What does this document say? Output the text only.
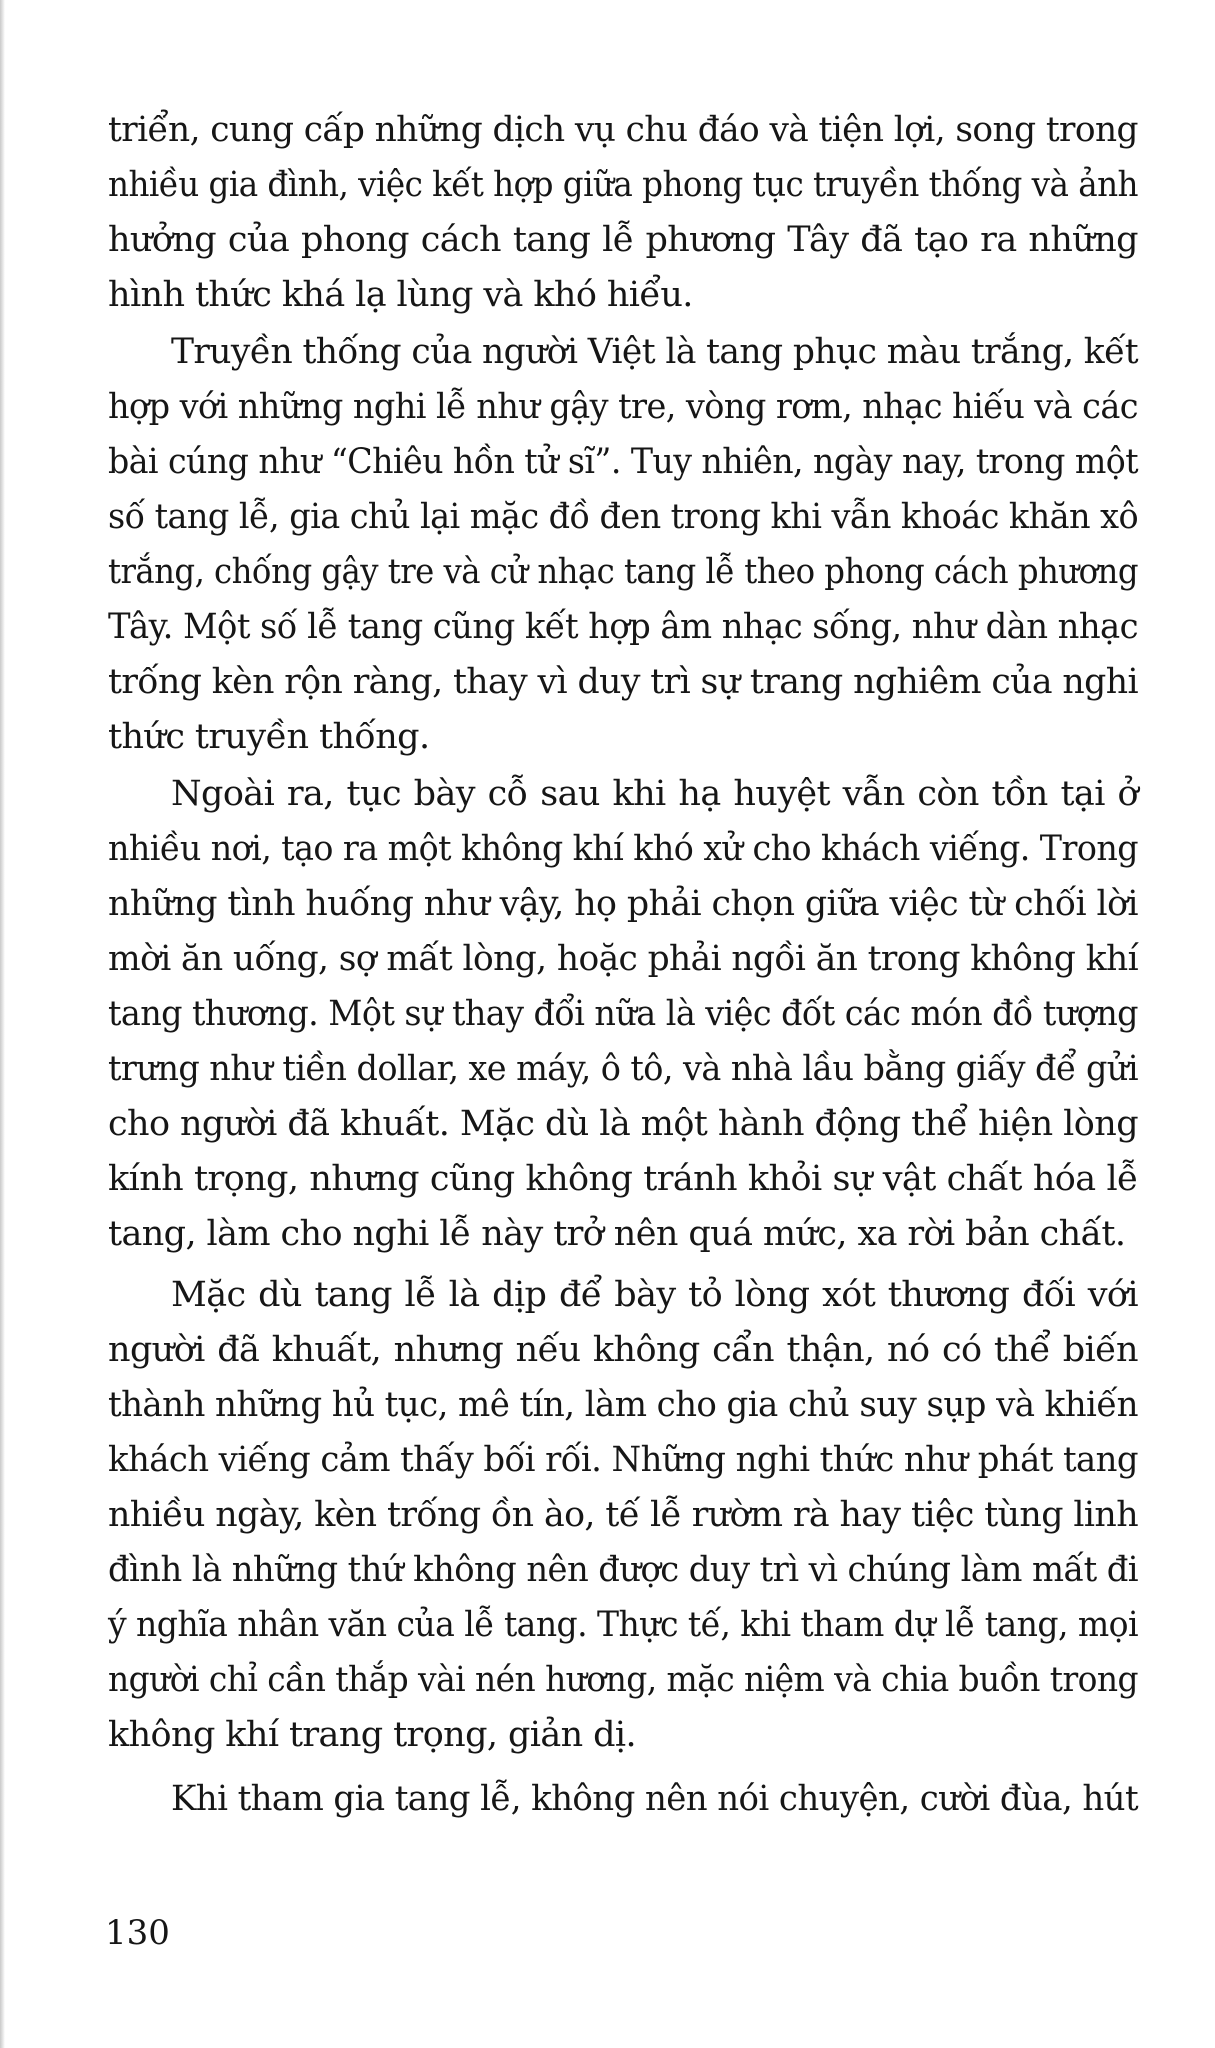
triển, cung cấp những dịch vụ chu đáo và tiện lợi, song trong
nhiều gia đình, việc kết hợp giữa phong tục truyền thống và ảnh
hưởng của phong cách tang lễ phương Tây đã tạo ra những
hình thức khá lạ lùng và khó hiểu.
Truyền thống của người Việt là tang phục màu trắng, kết
hợp với những nghi lễ như gậy tre, vòng rơm, nhạc hiếu và các
bài cúng như “Chiêu hồn tử sĩ”. Tuy nhiên, ngày nay, trong một
số tang lễ, gia chủ lại mặc đồ đen trong khi vẫn khoác khăn xô
trắng, chống gậy tre và cử nhạc tang lễ theo phong cách phương
Tây. Một số lễ tang cũng kết hợp âm nhạc sống, như dàn nhạc
trống kèn rộn ràng, thay vì duy trì sự trang nghiêm của nghi
thức truyền thống.
Ngoài ra, tục bày cỗ sau khi hạ huyệt vẫn còn tồn tại ở
nhiều nơi, tạo ra một không khí khó xử cho khách viếng. Trong
những tình huống như vậy, họ phải chọn giữa việc từ chối lời
mời ăn uống, sợ mất lòng, hoặc phải ngồi ăn trong không khí
tang thương. Một sự thay đổi nữa là việc đốt các món đồ tượng
trưng như tiền dollar, xe máy, ô tô, và nhà lầu bằng giấy để gửi
cho người đã khuất. Mặc dù là một hành động thể hiện lòng
kính trọng, nhưng cũng không tránh khỏi sự vật chất hóa lễ
tang, làm cho nghi lễ này trở nên quá mức, xa rời bản chất.
Mặc dù tang lễ là dịp để bày tỏ lòng xót thương đối với
người đã khuất, nhưng nếu không cẩn thận, nó có thể biến
thành những hủ tục, mê tín, làm cho gia chủ suy sụp và khiến
khách viếng cảm thấy bối rối. Những nghi thức như phát tang
nhiều ngày, kèn trống ồn ào, tế lễ rườm rà hay tiệc tùng linh
đình là những thứ không nên được duy trì vì chúng làm mất đi
ý nghĩa nhân văn của lễ tang. Thực tế, khi tham dự lễ tang, mọi
người chỉ cần thắp vài nén hương, mặc niệm và chia buồn trong
không khí trang trọng, giản dị.
Khi tham gia tang lễ, không nên nói chuyện, cười đùa, hút
130
